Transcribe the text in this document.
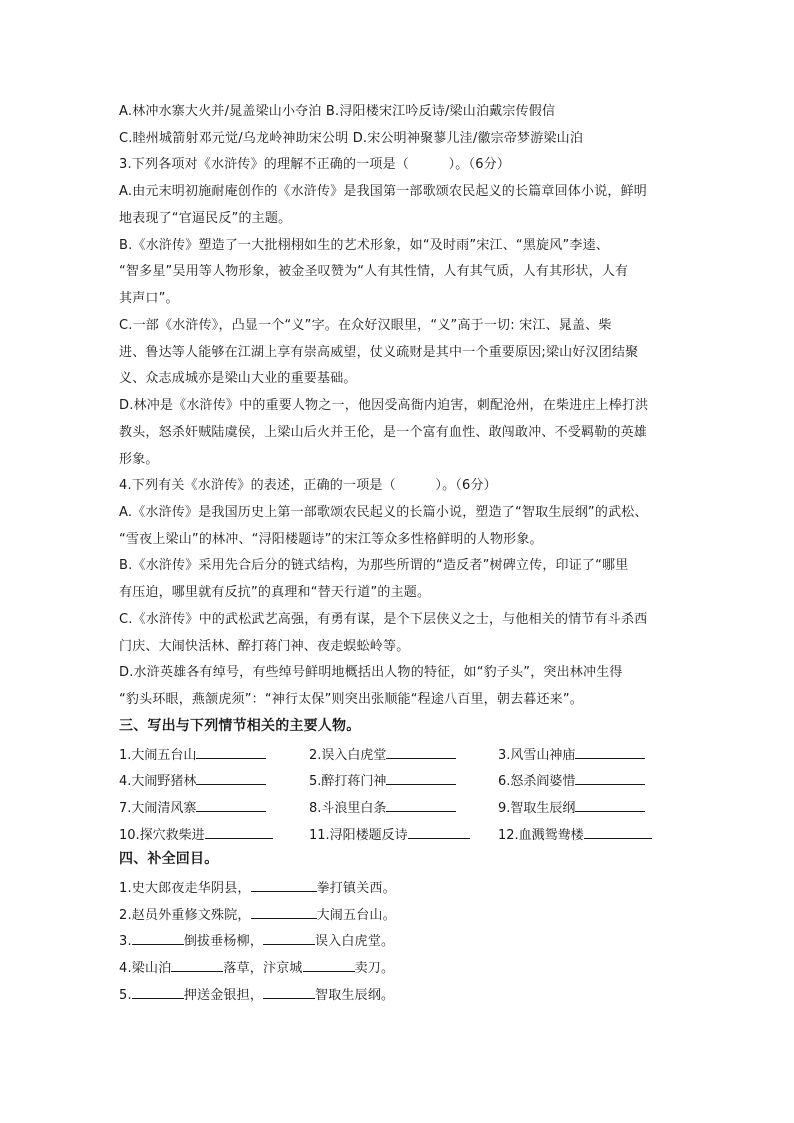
A.林冲水寨大火并/晁盖梁山小夺泊 B.浔阳楼宋江吟反诗/梁山泊戴宗传假信
C.睦州城箭射邓元觉/乌龙岭神助宋公明 D.宋公明神聚蓼儿洼/徽宗帝梦游梁山泊
3.下列各项对《水浒传》的理解不正确的一项是（　　　）。（6分）
A.由元末明初施耐庵创作的《水浒传》是我国第一部歌颂农民起义的长篇章回体小说，鲜明
地表现了“官逼民反”的主题。
B.《水浒传》塑造了一大批栩栩如生的艺术形象，如“及时雨”宋江、“黑旋风”李逵、
“智多星”吴用等人物形象，被金圣叹赞为“人有其性情，人有其气质，人有其形状，人有
其声口”。
C.一部《水浒传》，凸显一个“义”字。在众好汉眼里，“义”高于一切: 宋江、晁盖、柴
进、鲁达等人能够在江湖上享有崇高威望，仗义疏财是其中一个重要原因;梁山好汉团结聚
义、众志成城亦是梁山大业的重要基础。
D.林冲是《水浒传》中的重要人物之一，他因受高衙内迫害，刺配沧州，在柴进庄上棒打洪
教头，怒杀奸贼陆虞侯，上梁山后火并王伦，是一个富有血性、敢闯敢冲、不受羁勒的英雄
形象。
4.下列有关《水浒传》的表述，正确的一项是（　　　）。（6分）
A.《水浒传》是我国历史上第一部歌颂农民起义的长篇小说，塑造了“智取生辰纲”的武松、
“雪夜上梁山”的林冲、“浔阳楼题诗”的宋江等众多性格鲜明的人物形象。
B.《水浒传》采用先合后分的链式结构，为那些所谓的“造反者”树碑立传，印证了“哪里
有压迫，哪里就有反抗”的真理和“替天行道”的主题。
C.《水浒传》中的武松武艺高强，有勇有谋，是个下层侠义之士，与他相关的情节有斗杀西
门庆、大闹快活林、醉打蒋门神、夜走蜈蚣岭等。
D.水浒英雄各有绰号，有些绰号鲜明地概括出人物的特征，如“豹子头”，突出林冲生得
“豹头环眼，燕颔虎须”：“神行太保”则突出张顺能“程途八百里，朝去暮还来”。
三、写出与下列情节相关的主要人物。
1.大闹五台山	2.误入白虎堂	3.风雪山神庙
4.大闹野猪林	5.醉打蒋门神	6.怒杀阎婆惜
7.大闹清风寨	8.斗浪里白条	9.智取生辰纲
10.探穴救柴进	11.浔阳楼题反诗	12.血溅鸳鸯楼
四、补全回目。
1.史大郎夜走华阴县，	拳打镇关西。
2.赵员外重修文殊院，	大闹五台山。
3.	倒拔垂杨柳，	误入白虎堂。
4.梁山泊	落草，汴京城	卖刀。
5.	押送金银担，	智取生辰纲。
